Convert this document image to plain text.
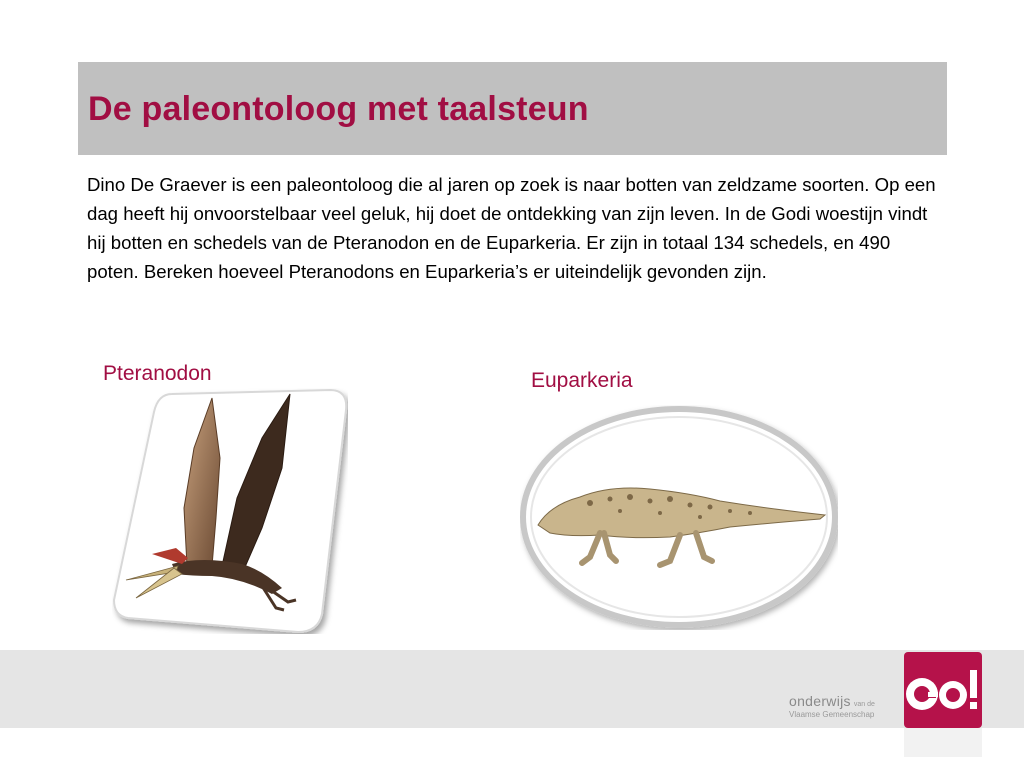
De paleontoloog met taalsteun
Dino De Graever is een paleontoloog die al jaren op zoek is naar botten van zeldzame soorten. Op een dag heeft hij onvoorstelbaar veel geluk, hij doet de ontdekking van zijn leven. In de Godi woestijn vindt hij botten en schedels van de Pteranodon en de Euparkeria. Er zijn in totaal 134 schedels, en 490 poten. Bereken hoeveel Pteranodons en Euparkeria’s er uiteindelijk gevonden zijn.
Pteranodon	Euparkeria
onderwijs van de
Vlaamse Gemeenschap
